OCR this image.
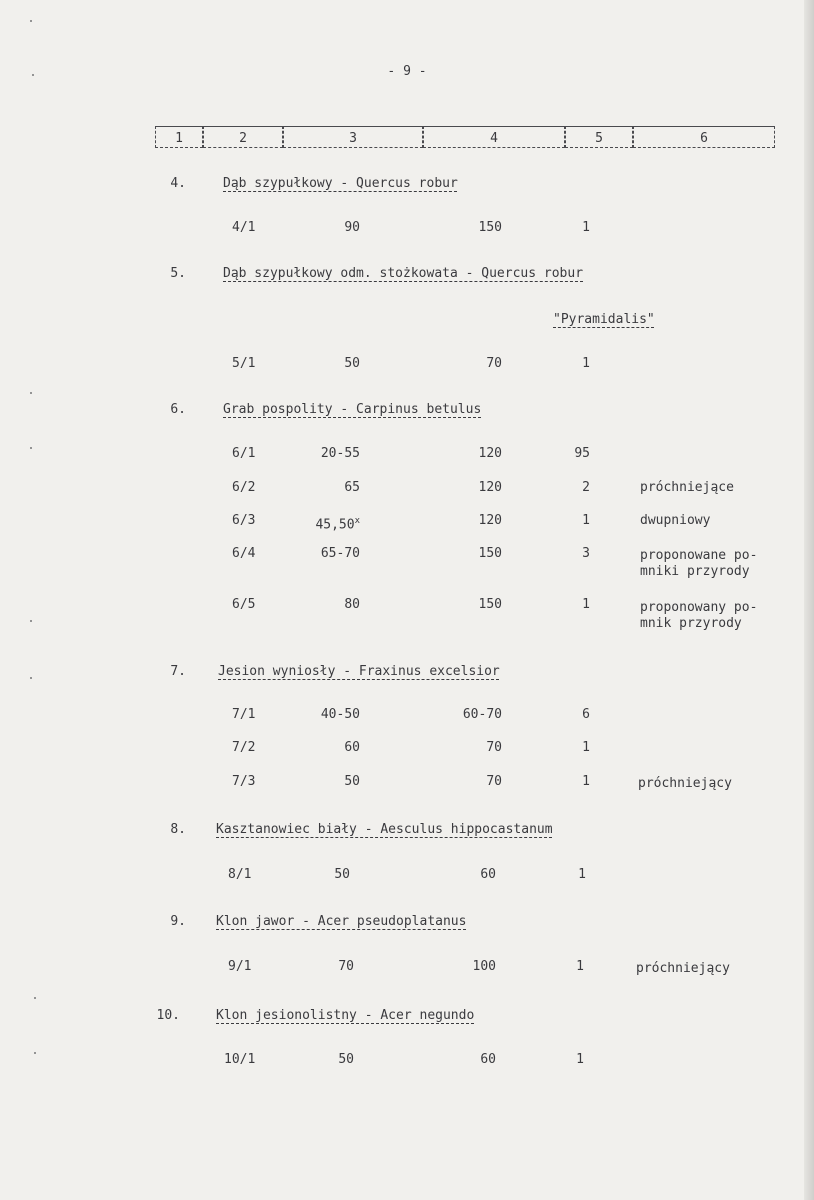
- 9 -
1	2	3	4	5	6
4.	Dąb szypułkowy - Quercus robur
4/1	90	150	1
5.	Dąb szypułkowy odm. stożkowata - Quercus robur
"Pyramidalis"
5/1	50	70	1
6.	Grab pospolity - Carpinus betulus
6/1	20-55	120	95
6/2	65	120	2	próchniejące
6/3	45,50$^x$	120	1	dwupniowy
6/4	65-70	150	3	proponowane po-
mniki przyrody
6/5	80	150	1	proponowany po-
mnik przyrody
7. Jesion wyniosły - Fraxinus excelsior
7/1	40-50	60-70	6
7/2	60	70	1
7/3	50	70	1	próchniejący
8. Kasztanowiec biały - Aesculus hippocastanum
8/1	50	60	1
9. Klon jawor - Acer pseudoplatanus
9/1	70	100	1	próchniejący
10.	Klon jesionolistny - Acer negundo
10/1	50	60	1
